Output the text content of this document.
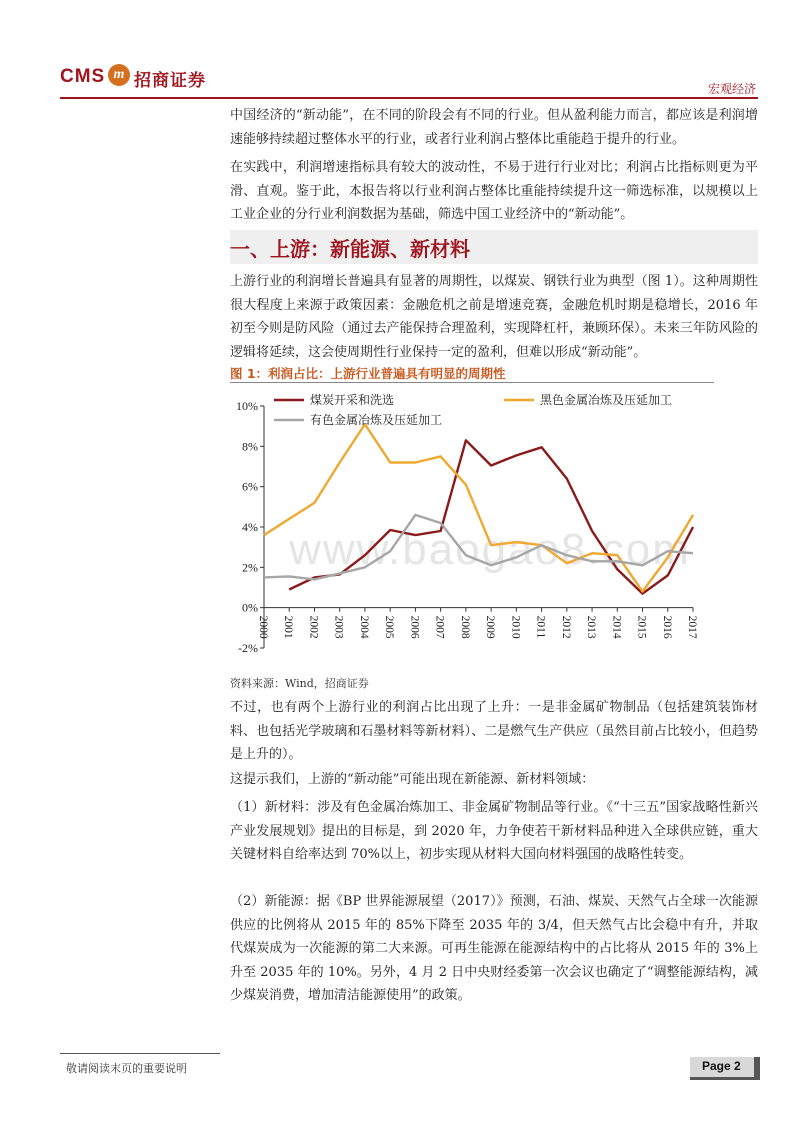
CMS m 招商证券	宏观经济

中国经济的“新动能”，在不同的阶段会有不同的行业。但从盈利能力而言，都应该是利润增速能够持续超过整体水平的行业，或者行业利润占整体比重能趋于提升的行业。

在实践中，利润增速指标具有较大的波动性，不易于进行行业对比；利润占比指标则更为平滑、直观。鉴于此，本报告将以行业利润占整体比重能持续提升这一筛选标准，以规模以上工业企业的分行业利润数据为基础，筛选中国工业经济中的“新动能”。

一、上游：新能源、新材料

上游行业的利润增长普遍具有显著的周期性，以煤炭、钢铁行业为典型（图 1）。这种周期性很大程度上来源于政策因素：金融危机之前是增速竞赛，金融危机时期是稳增长，2016 年初至今则是防风险（通过去产能保持合理盈利，实现降杠杆，兼顾环保）。未来三年防风险的逻辑将延续，这会使周期性行业保持一定的盈利，但难以形成“新动能”。

图 1：利润占比：上游行业普遍具有明显的周期性
www.baogao8.com
-2%
0%
2%
4%
6%
8%
10%
2000 2001 2002 2003 2004 2005 2006 2007 2008 2009 2010 2011 2012 2013 2014 2015 2016 2017
煤炭开采和洗选	黑色金属冶炼及压延加工
有色金属冶炼及压延加工
资料来源：Wind，招商证券

不过，也有两个上游行业的利润占比出现了上升：一是非金属矿物制品（包括建筑装饰材料、也包括光学玻璃和石墨材料等新材料）、二是燃气生产供应（虽然目前占比较小，但趋势是上升的）。

这提示我们，上游的“新动能”可能出现在新能源、新材料领域：

（1）新材料：涉及有色金属冶炼加工、非金属矿物制品等行业。《“十三五”国家战略性新兴产业发展规划》提出的目标是，到 2020 年，力争使若干新材料品种进入全球供应链，重大关键材料自给率达到 70%以上，初步实现从材料大国向材料强国的战略性转变。

（2）新能源：据《BP 世界能源展望（2017）》预测，石油、煤炭、天然气占全球一次能源供应的比例将从 2015 年的 85%下降至 2035 年的 3/4，但天然气占比会稳中有升，并取代煤炭成为一次能源的第二大来源。可再生能源在能源结构中的占比将从 2015 年的 3%上升至 2035 年的 10%。另外，4 月 2 日中央财经委第一次会议也确定了“调整能源结构，减少煤炭消费，增加清洁能源使用”的政策。

敬请阅读末页的重要说明	Page 2
